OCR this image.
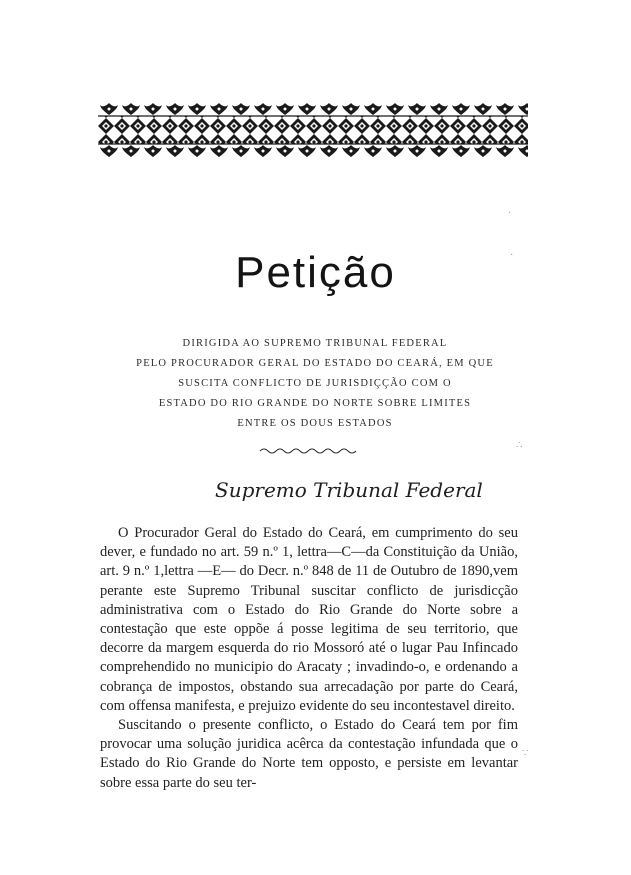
Petição
DIRIGIDA AO SUPREMO TRIBUNAL FEDERAL
PELO PROCURADOR GERAL DO ESTADO DO CEARÁ, EM QUE
SUSCITA CONFLICTO DE JURISDIÇÇÃO COM O
ESTADO DO RIO GRANDE DO NORTE SOBRE LIMITES
ENTRE OS DOUS ESTADOS
Supremo Tribunal Federal

O Procurador Geral do Estado do Ceará, em cumprimento do seu dever, e fundado no art. 59 n.º 1, lettra—C—da Constituição da União, art. 9 n.º 1,lettra —E— do Decr. n.º 848 de 11 de Outubro de 1890,vem perante este Supremo Tribunal suscitar conflicto de jurisdicção administrativa com o Estado do Rio Grande do Norte sobre a contestação que este oppõe á posse legitima de seu territorio, que decorre da margem esquerda do rio Mossoró até o lugar Pau Infincado comprehendido no municipio do Aracaty ; invadindo-o, e ordenando a cobrança de impostos, obstando sua arrecadação por parte do Ceará, com offensa manifesta, e prejuizo evidente do seu incontestavel direito.

Suscitando o presente conflicto, o Estado do Ceará tem por fim provocar uma solução juridica acêrca da contestação infundada que o Estado do Rio Grande do Norte tem opposto, e persiste em levantar sobre essa parte do seu ter-

·
·
·
∴
∵
